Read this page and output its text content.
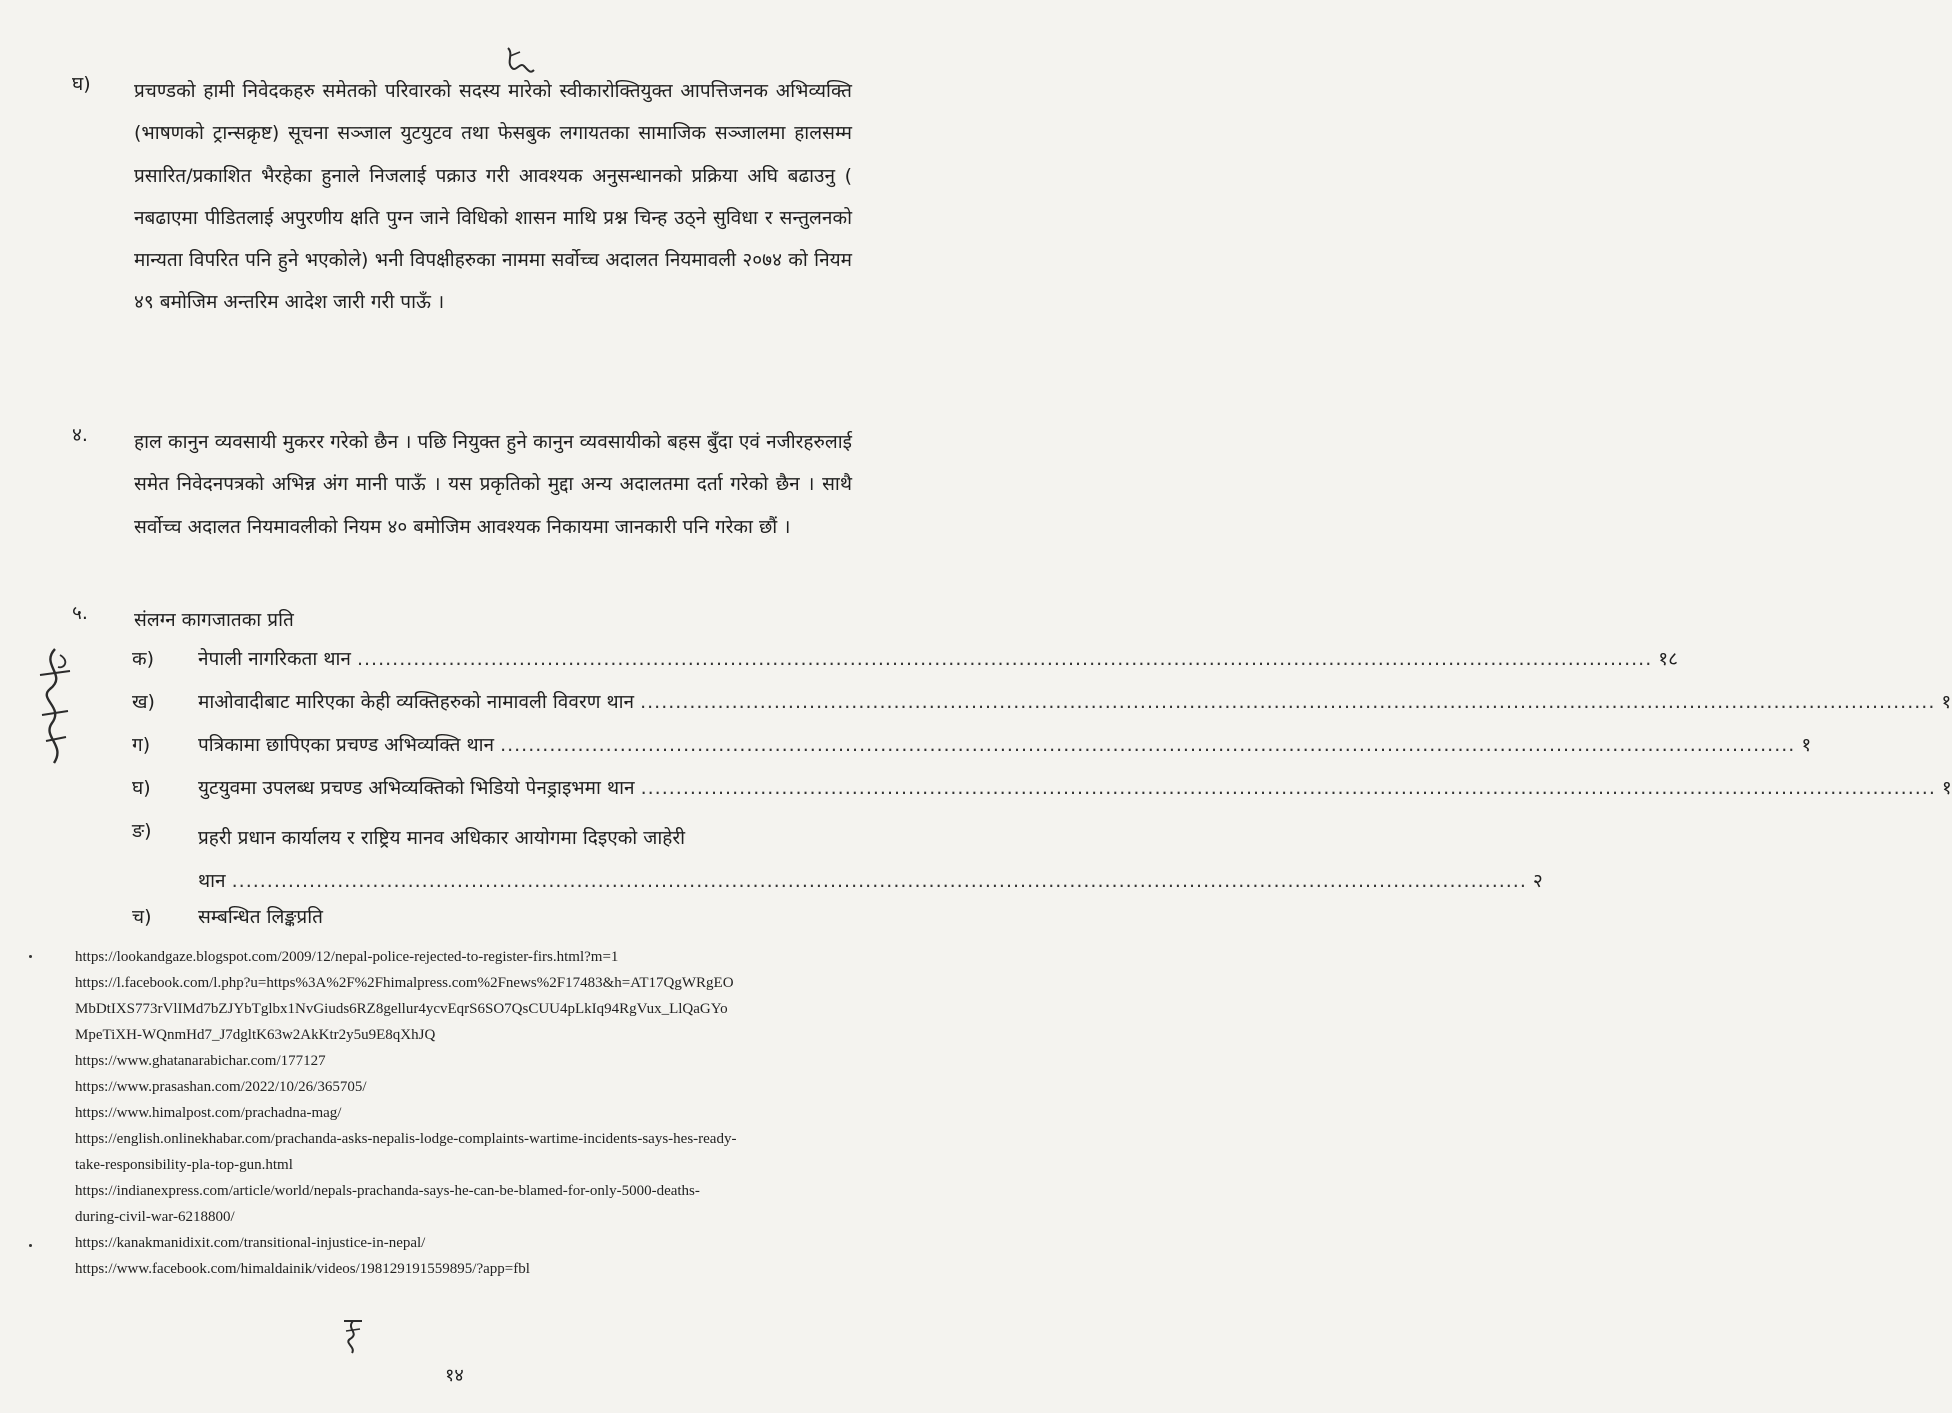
घ)	प्रचण्डको हामी निवेदकहरु समेतको परिवारको सदस्य मारेको स्वीकारोक्तियुक्त आपत्तिजनक अभिव्यक्ति (भाषणको ट्रान्सक्रृष्ट) सूचना सञ्जाल युटयुटव तथा फेसबुक लगायतका सामाजिक सञ्जालमा हालसम्म प्रसारित/प्रकाशित भैरहेका हुनाले निजलाई पक्राउ गरी आवश्यक अनुसन्धानको प्रक्रिया अघि बढाउनु ( नबढाएमा पीडितलाई अपुरणीय क्षति पुग्न जाने विधिको शासन माथि प्रश्न चिन्ह उठ्ने सुविधा र सन्तुलनको मान्यता विपरित पनि हुने भएकोले) भनी विपक्षीहरुका नाममा सर्वोच्च अदालत नियमावली २०७४ को नियम ४९ बमोजिम अन्तरिम आदेश जारी गरी पाऊँ ।
४.	हाल कानुन व्यवसायी मुकरर गरेको छैन । पछि नियुक्त हुने कानुन व्यवसायीको बहस बुँदा एवं नजीरहरुलाई समेत निवेदनपत्रको अभिन्न अंग मानी पाऊँ । यस प्रकृतिको मुद्दा अन्य अदालतमा दर्ता गरेको छैन । साथै सर्वोच्च अदालत नियमावलीको नियम ४० बमोजिम आवश्यक निकायमा जानकारी पनि गरेका छौं ।
५.	संलग्न कागजातका प्रति
क)	नेपाली नागरिकता थान .....	१८
ख)	माओवादीबाट मारिएका केही व्यक्तिहरुको नामावली विवरण थान .....	१
ग)	पत्रिकामा छापिएका प्रचण्ड अभिव्यक्ति थान .....	१
घ)	युटयुवमा उपलब्ध प्रचण्ड अभिव्यक्तिको भिडियो पेनड्राइभमा थान .....	१
ङ)	प्रहरी प्रधान कार्यालय र राष्ट्रिय मानव अधिकार आयोगमा दिइएको जाहेरी
थान .....	२
च)	सम्बन्धित लिङ्कप्रति
https://lookandgaze.blogspot.com/2009/12/nepal-police-rejected-to-register-firs.html?m=1
https://l.facebook.com/l.php?u=https%3A%2F%2Fhimalpress.com%2Fnews%2F17483&h=AT17QgWRgEO
MbDtIXS773rVlIMd7bZJYbTglbx1NvGiuds6RZ8gellur4ycvEqrS6SO7QsCUU4pLkIq94RgVux_LlQaGYo
MpeTiXH-WQnmHd7_J7dgltK63w2AkKtr2y5u9E8qXhJQ
https://www.ghatanarabichar.com/177127
https://www.prasashan.com/2022/10/26/365705/
https://www.himalpost.com/prachadna-mag/
https://english.onlinekhabar.com/prachanda-asks-nepalis-lodge-complaints-wartime-incidents-says-hes-ready-
take-responsibility-pla-top-gun.html
https://indianexpress.com/article/world/nepals-prachanda-says-he-can-be-blamed-for-only-5000-deaths-
during-civil-war-6218800/
https://kanakmanidixit.com/transitional-injustice-in-nepal/
https://www.facebook.com/himaldainik/videos/1981291915598​95/?app=fbl
१४
